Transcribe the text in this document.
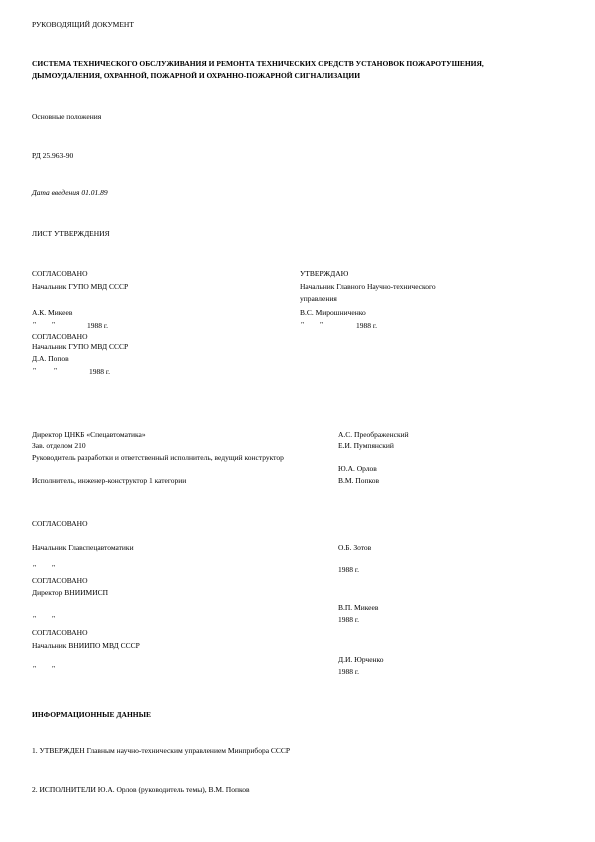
РУКОВОДЯЩИЙ ДОКУМЕНТ
СИСТЕМА ТЕХНИЧЕСКОГО ОБСЛУЖИВАНИЯ И РЕМОНТА ТЕХНИЧЕСКИХ СРЕДСТВ УСТАНОВОК ПОЖАРОТУШЕНИЯ,
ДЫМОУДАЛЕНИЯ, ОХРАННОЙ, ПОЖАРНОЙ И ОХРАННО-ПОЖАРНОЙ СИГНАЛИЗАЦИИ
Основные положения
РД 25.963-90
Дата введения 01.01.89
ЛИСТ УТВЕРЖДЕНИЯ
СОГЛАСОВАНО
Начальник ГУПО МВД СССР
А.К. Микеев
" "	1988 г.
СОГЛАСОВАНО
Начальник ГУПО МВД СССР
Д.А. Попов
" "	1988 г.
УТВЕРЖДАЮ
Начальник Главного Научно-технического
управления
В.С. Мирошниченко
" "	1988 г.
Директор ЦНКБ «Спецавтоматика»	А.С. Преображенский
Зав. отделом 210	Е.И. Пумпянский
Руководитель разработки и ответственный исполнитель, ведущий конструктор
Ю.А. Орлов
Исполнитель, инженер-конструктор 1 категории	В.М. Попков
СОГЛАСОВАНО
Начальник Главспецавтоматики	О.Б. Зотов
" "	1988 г.
СОГЛАСОВАНО
Директор ВНИИМИСП
В.П. Микеев
" "	1988 г.
СОГЛАСОВАНО
Начальник ВНИИПО МВД СССР
Д.И. Юрченко
" "	1988 г.
ИНФОРМАЦИОННЫЕ ДАННЫЕ
1. УТВЕРЖДЕН Главным научно-техническим управлением Минприбора СССР
2. ИСПОЛНИТЕЛИ Ю.А. Орлов (руководитель темы), В.М. Попков
